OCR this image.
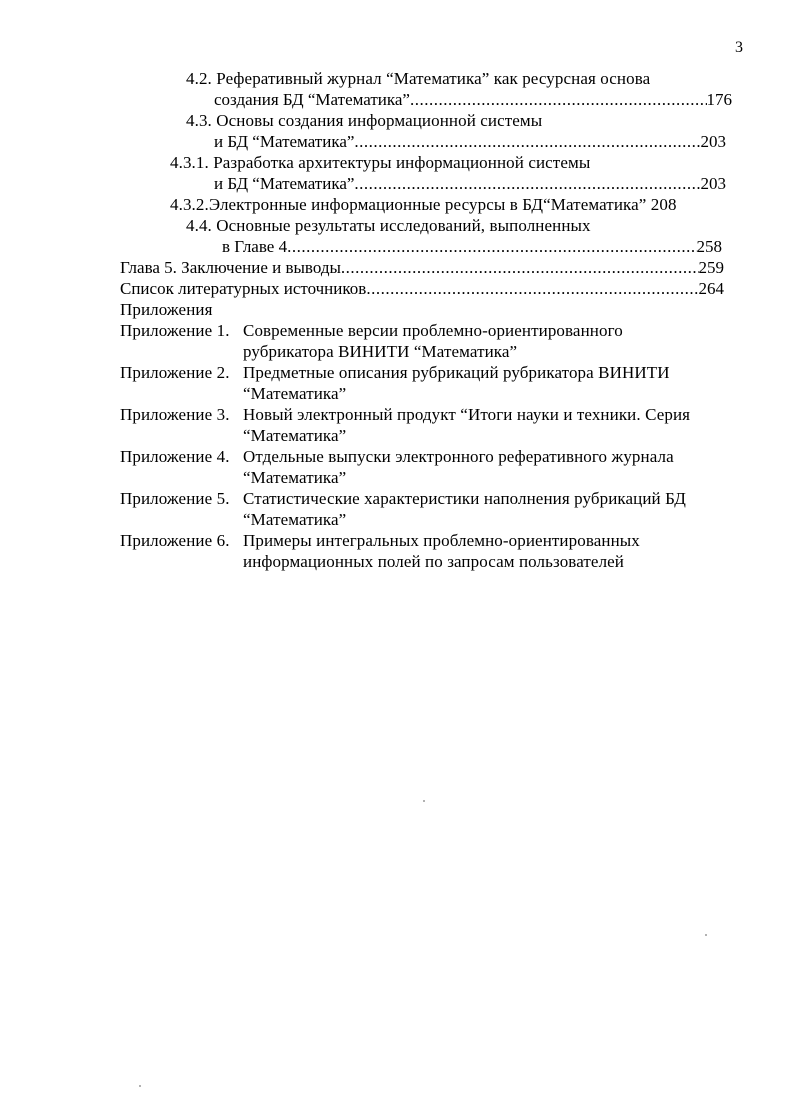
3
4.2. Реферативный журнал “Математика” как ресурсная основа
создания БД “Математика” .....	176
4.3. Основы создания информационной системы
и БД “Математика” .....	203
4.3.1. Разработка архитектуры информационной системы
и БД “Математика” .....	203
4.3.2.Электронные информационные ресурсы в БД“Математика” 208
4.4. Основные результаты исследований, выполненных
в Главе 4 .....	258
Глава 5. Заключение и выводы .....	259
Список литературных источников .....	264
Приложения
Приложение 1. Современные версии проблемно-ориентированного
рубрикатора ВИНИТИ “Математика”
Приложение 2. Предметные описания рубрикаций рубрикатора ВИНИТИ
“Математика”
Приложение 3. Новый электронный продукт “Итоги науки и техники. Серия
“Математика”
Приложение 4. Отдельные выпуски электронного реферативного журнала
“Математика”
Приложение 5. Статистические характеристики наполнения рубрикаций БД
“Математика”
Приложение 6. Примеры интегральных проблемно-ориентированных
информационных полей по запросам пользователей
